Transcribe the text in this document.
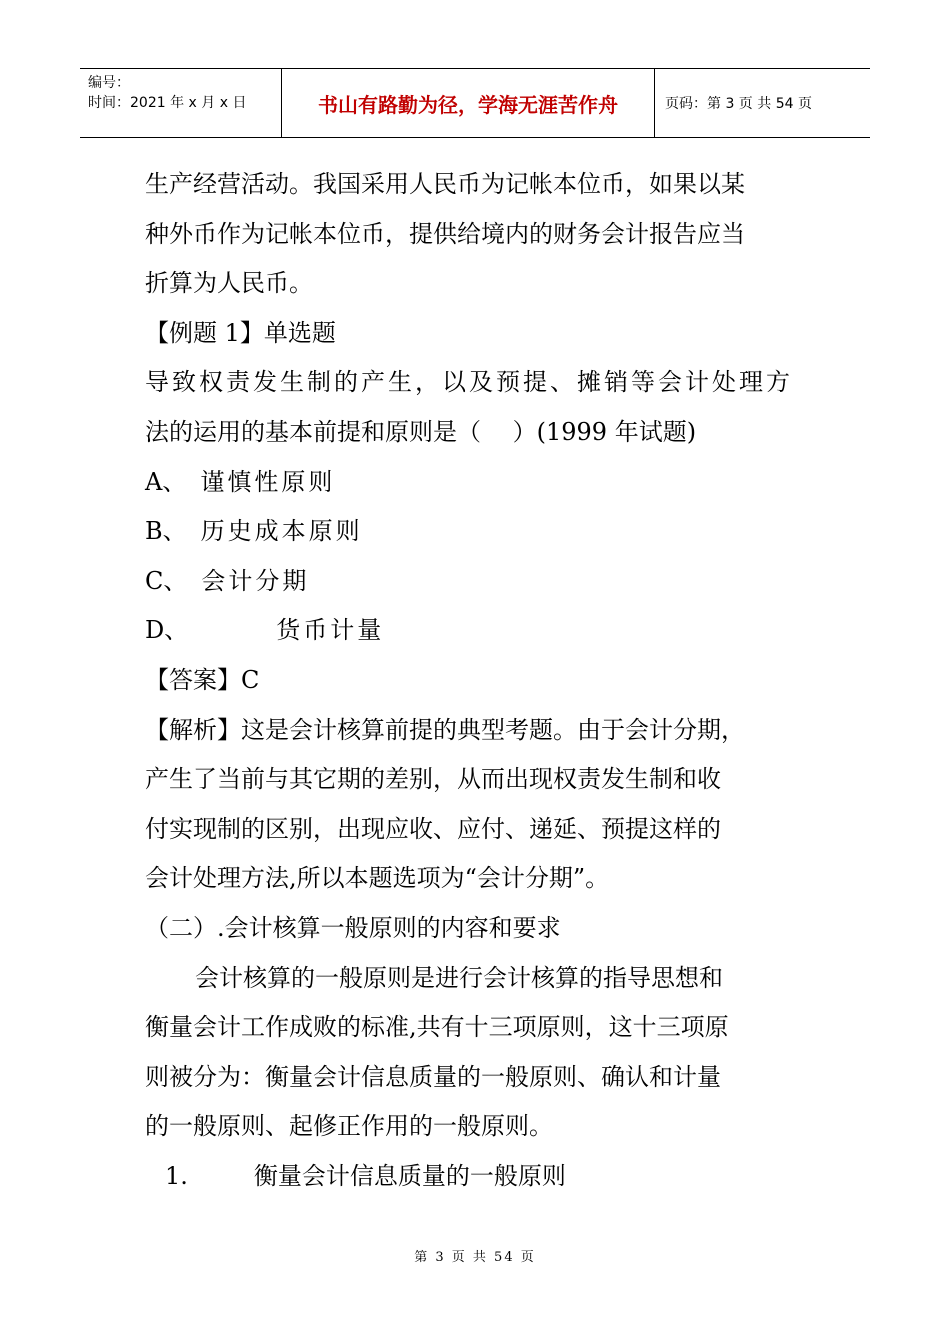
编号：
时间：2021 年 x 月 x 日	书山有路勤为径，学海无涯苦作舟	页码：第 3 页 共 54 页
生产经营活动。我国采用人民币为记帐本位币，如果以某
种外币作为记帐本位币，提供给境内的财务会计报告应当
折算为人民币。
【例题 1】单选题
导致权责发生制的产生，以及预提、摊销等会计处理方
法的运用的基本前提和原则是（　 ）(1999 年试题)
A、 谨慎性原则
B、 历史成本原则
C、 会计分期
D、	货币计量
【答案】C
【解析】这是会计核算前提的典型考题。由于会计分期，
产生了当前与其它期的差别，从而出现权责发生制和收
付实现制的区别，出现应收、应付、递延、预提这样的
会计处理方法,所以本题选项为“会计分期”。
（二）.会计核算一般原则的内容和要求
会计核算的一般原则是进行会计核算的指导思想和
衡量会计工作成败的标准,共有十三项原则，这十三项原
则被分为：衡量会计信息质量的一般原则、确认和计量
的一般原则、起修正作用的一般原则。
1.	衡量会计信息质量的一般原则
第 3 页 共 54 页
